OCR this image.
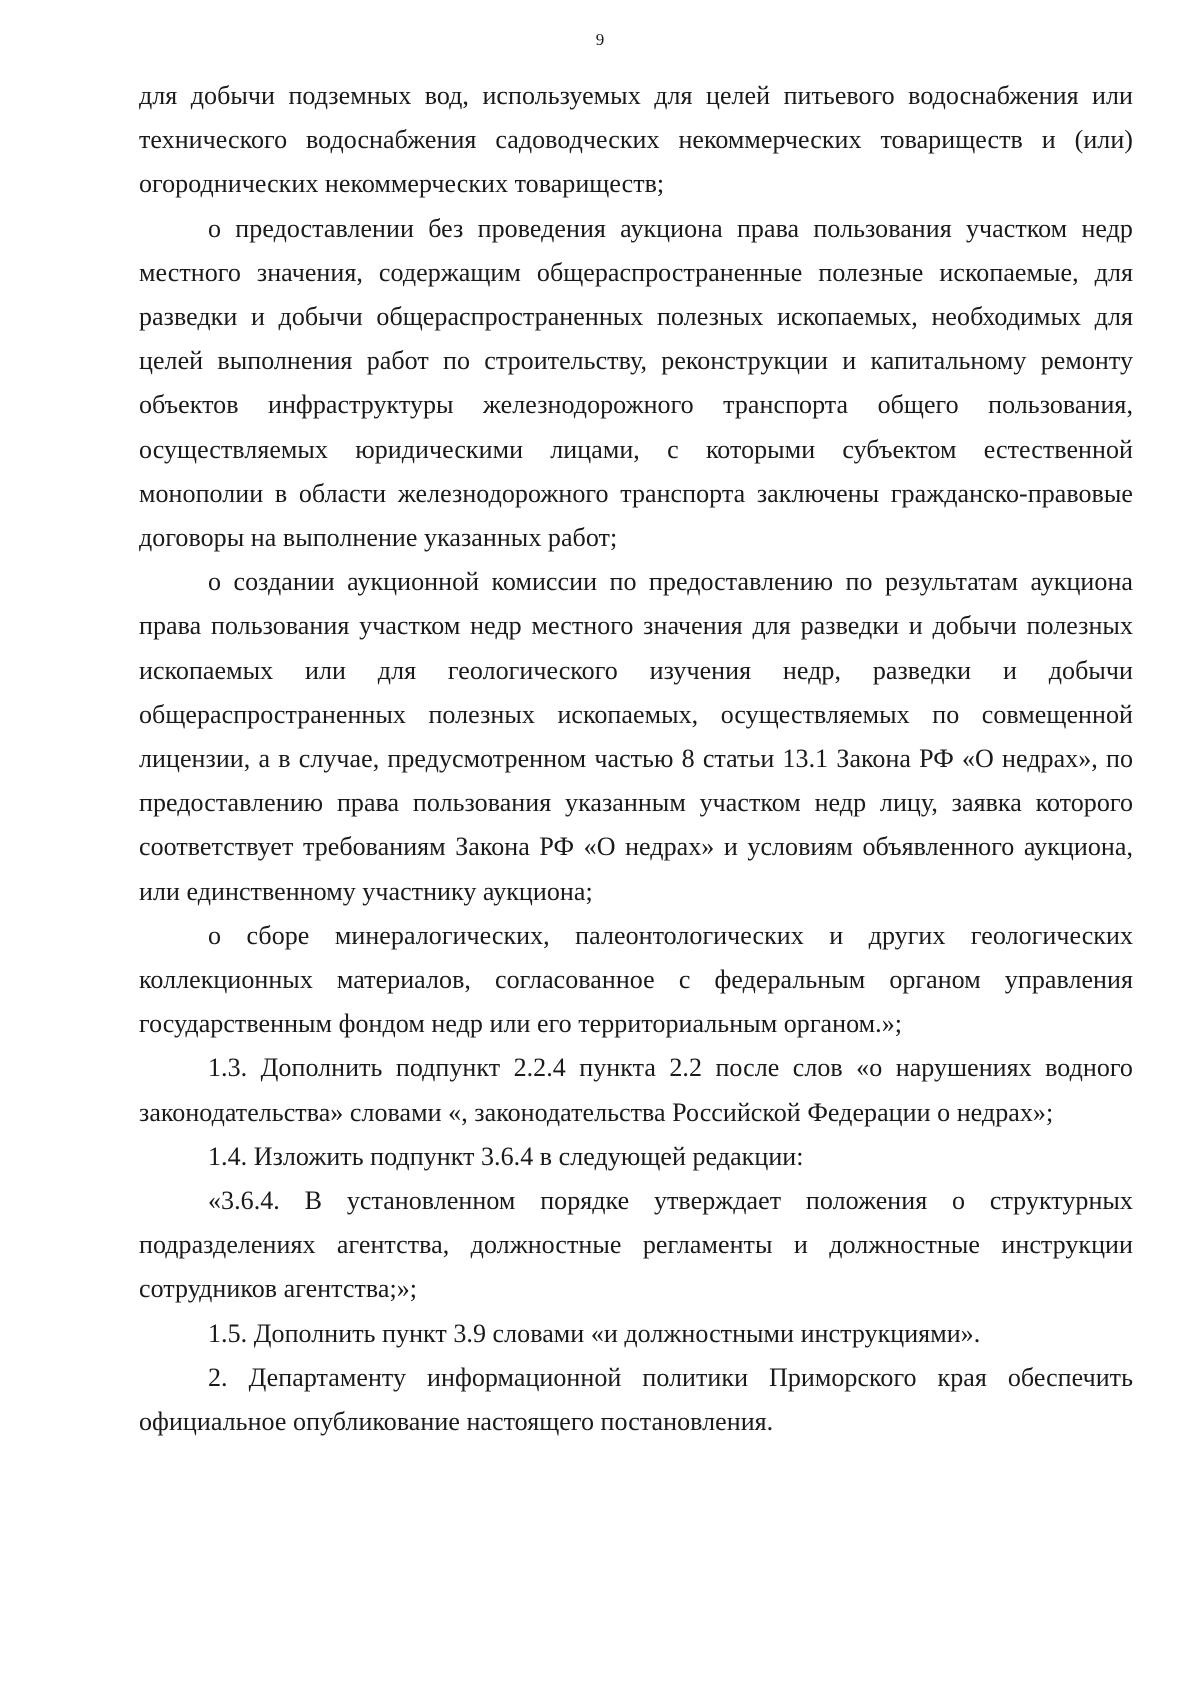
9

для добычи подземных вод, используемых для целей питьевого водоснабжения или технического водоснабжения садоводческих некоммерческих товариществ и (или) огороднических некоммерческих товариществ;

о предоставлении без проведения аукциона права пользования участком недр местного значения, содержащим общераспространенные полезные ископаемые, для разведки и добычи общераспространенных полезных ископаемых, необходимых для целей выполнения работ по строительству, реконструкции и капитальному ремонту объектов инфраструктуры железнодорожного транспорта общего пользования, осуществляемых юридическими лицами, с которыми субъектом естественной монополии в области железнодорожного транспорта заключены гражданско-правовые договоры на выполнение указанных работ;

о создании аукционной комиссии по предоставлению по результатам аукциона права пользования участком недр местного значения для разведки и добычи полезных ископаемых или для геологического изучения недр, разведки и добычи общераспространенных полезных ископаемых, осуществляемых по совмещенной лицензии, а в случае, предусмотренном частью 8 статьи 13.1 Закона РФ «О недрах», по предоставлению права пользования указанным участком недр лицу, заявка которого соответствует требованиям Закона РФ «О недрах» и условиям объявленного аукциона, или единственному участнику аукциона;

о сборе минералогических, палеонтологических и других геологических коллекционных материалов, согласованное с федеральным органом управления государственным фондом недр или его территориальным органом.»;

1.3. Дополнить подпункт 2.2.4 пункта 2.2 после слов «о нарушениях водного законодательства» словами «, законодательства Российской Федерации о недрах»;

1.4. Изложить подпункт 3.6.4 в следующей редакции:

«3.6.4. В установленном порядке утверждает положения о структурных подразделениях агентства, должностные регламенты и должностные инструкции сотрудников агентства;»;

1.5. Дополнить пункт 3.9 словами «и должностными инструкциями».

2. Департаменту информационной политики Приморского края обеспечить официальное опубликование настоящего постановления.
